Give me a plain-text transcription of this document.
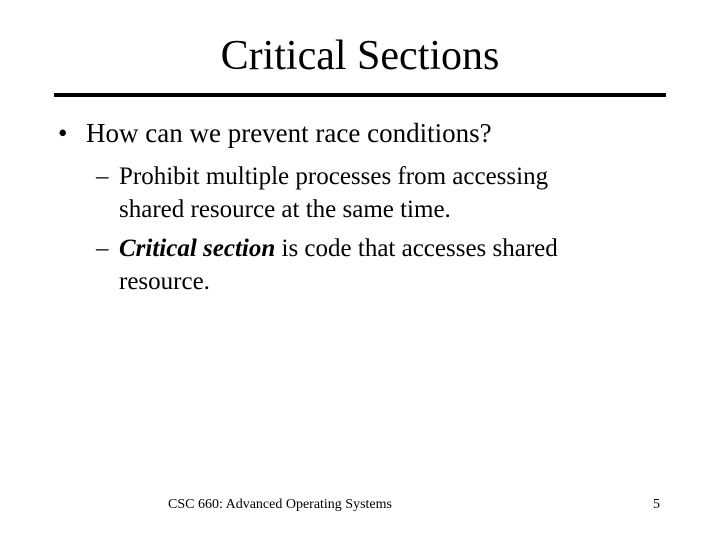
Critical Sections
• How can we prevent race conditions?
– Prohibit multiple processes from accessing
shared resource at the same time.
– Critical section is code that accesses shared
resource.
CSC 660: Advanced Operating Systems	5
